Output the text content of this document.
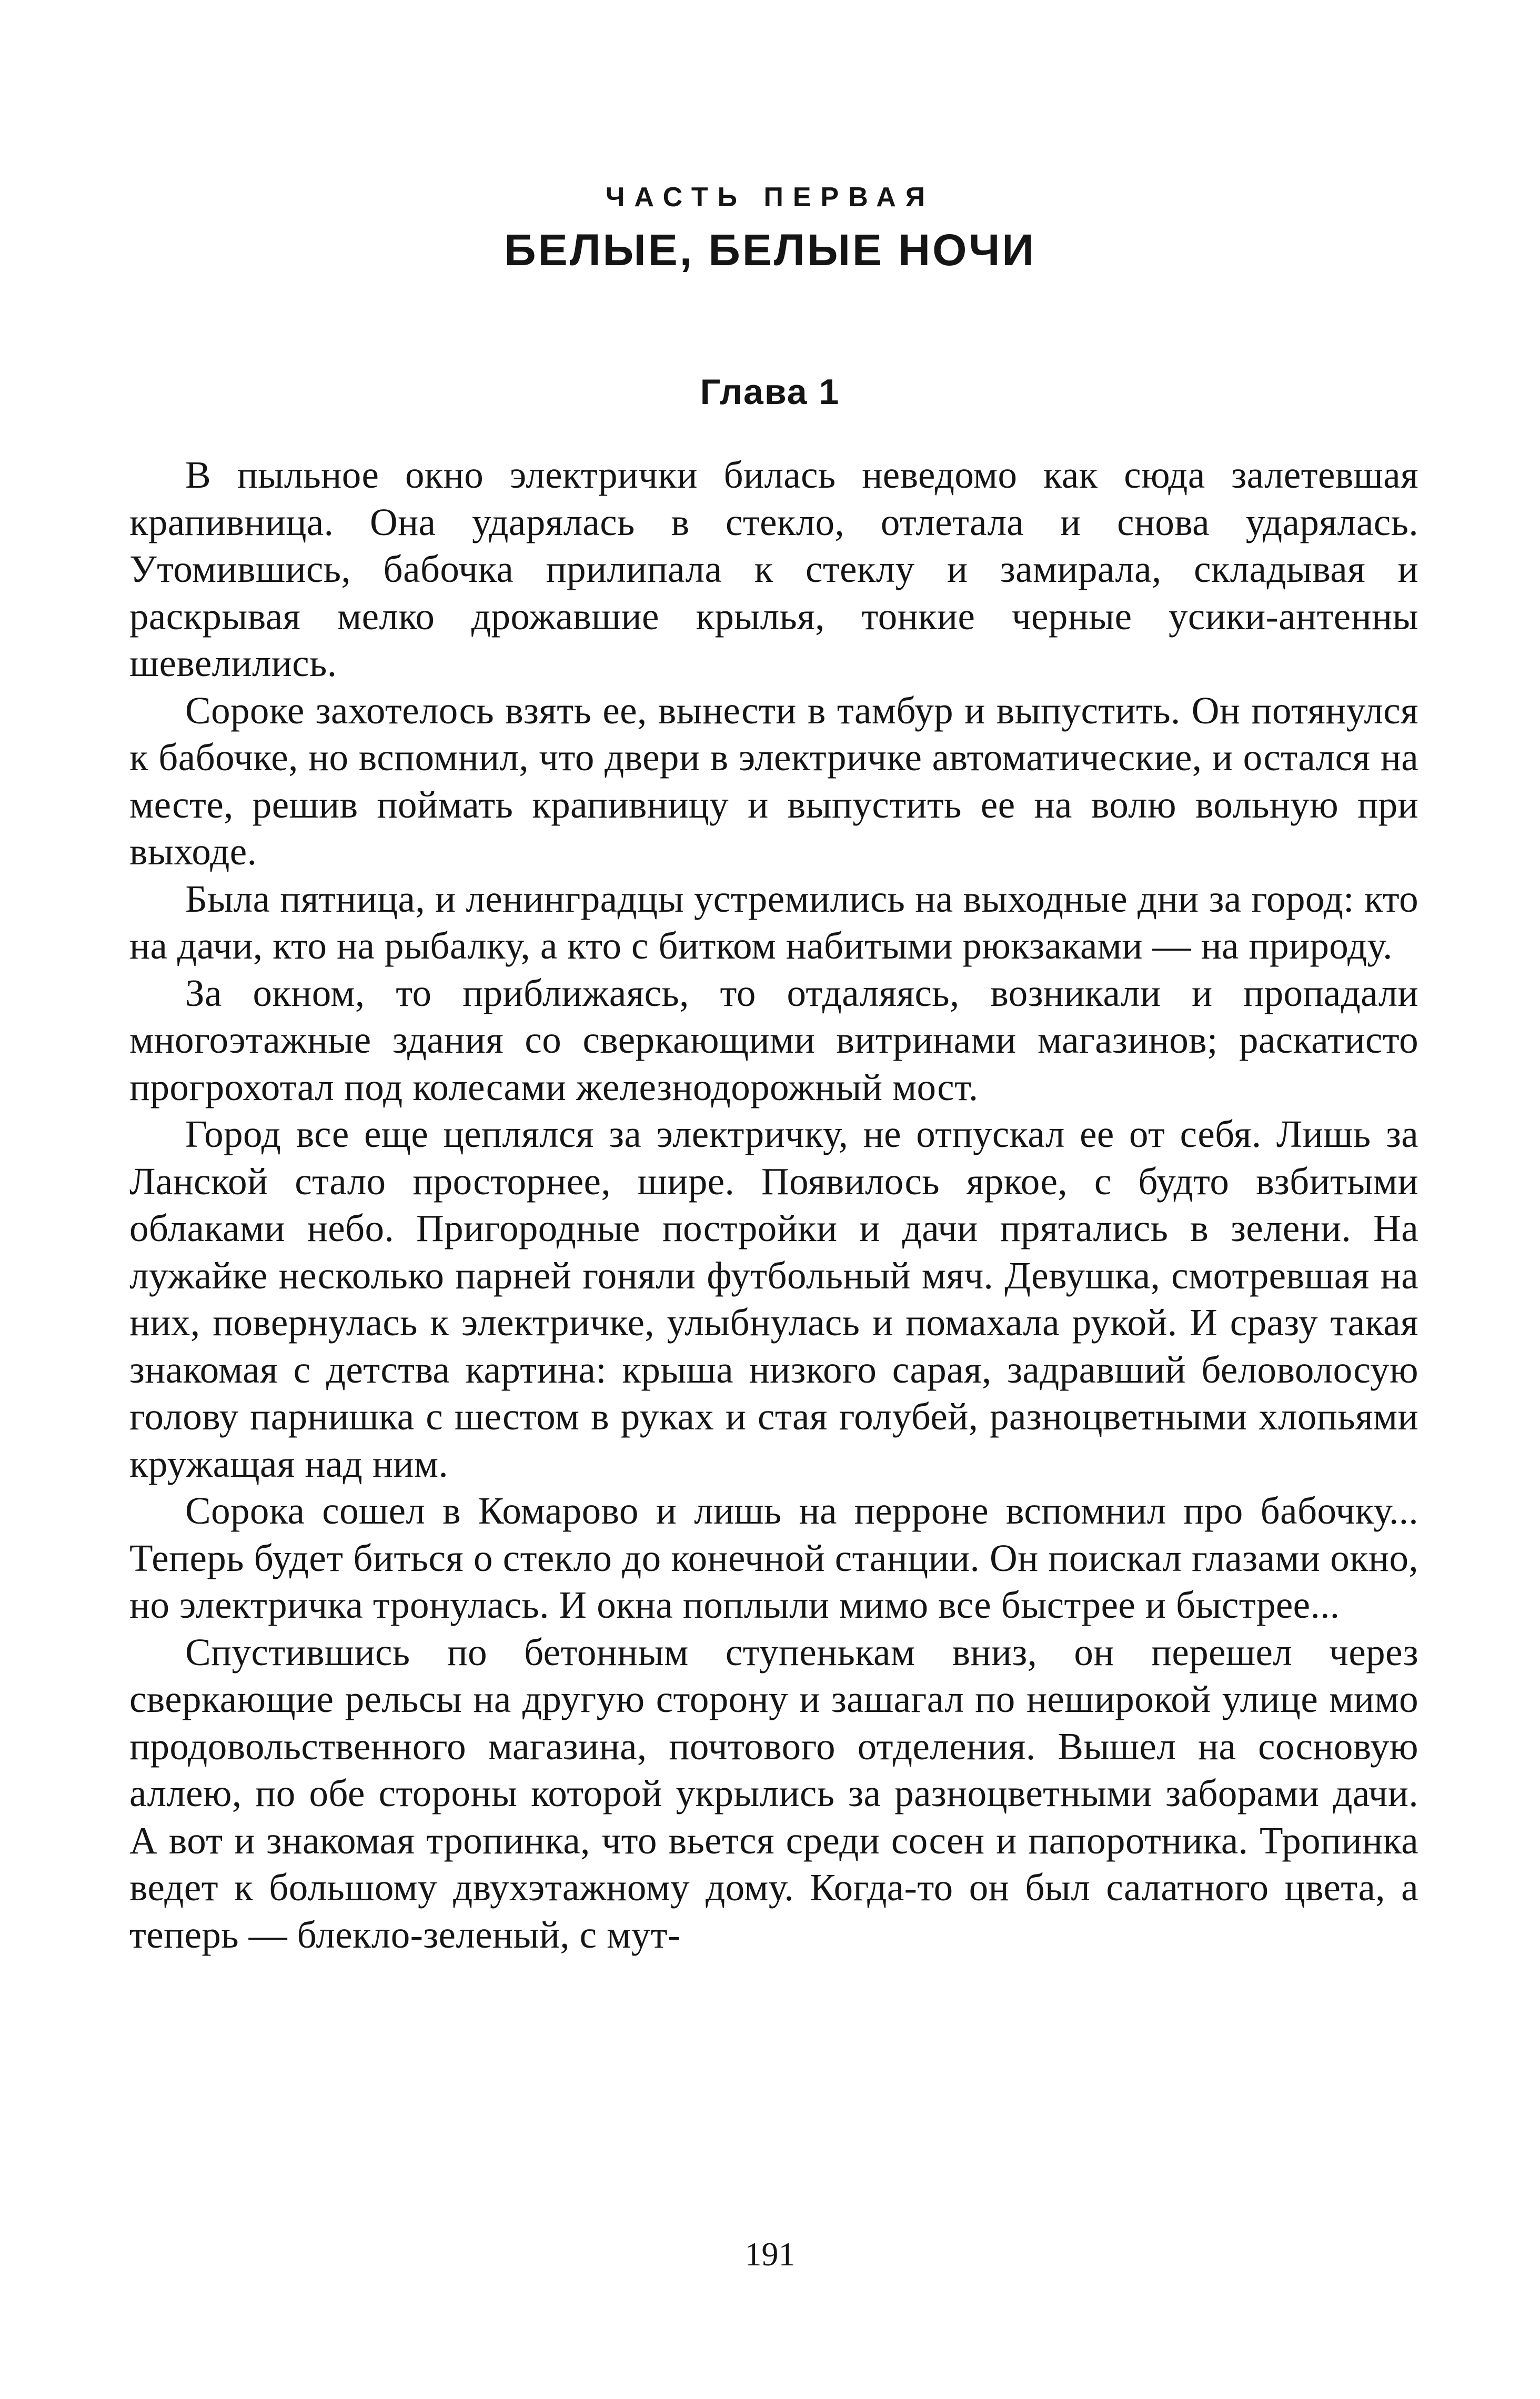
ЧАСТЬ ПЕРВАЯ
БЕЛЫЕ, БЕЛЫЕ НОЧИ
Глава 1

В пыльное окно электрички билась неведомо как сюда залетевшая крапивница. Она ударялась в стекло, отлетала и снова ударялась. Утомившись, бабочка прилипала к стеклу и замирала, складывая и раскрывая мелко дрожавшие крылья, тонкие черные усики-антенны шевелились.

Сороке захотелось взять ее, вынести в тамбур и выпустить. Он потянулся к бабочке, но вспомнил, что двери в электричке автоматические, и остался на месте, решив поймать крапивницу и выпустить ее на волю вольную при выходе.

Была пятница, и ленинградцы устремились на выходные дни за город: кто на дачи, кто на рыбалку, а кто с битком набитыми рюкзаками — на природу.

За окном, то приближаясь, то отдаляясь, возникали и пропадали многоэтажные здания со сверкающими витринами магазинов; раскатисто прогрохотал под колесами железнодорожный мост.

Город все еще цеплялся за электричку, не отпускал ее от себя. Лишь за Ланской стало просторнее, шире. Появилось яркое, с будто взбитыми облаками небо. Пригородные постройки и дачи прятались в зелени. На лужайке несколько парней гоняли футбольный мяч. Девушка, смотревшая на них, повернулась к электричке, улыбнулась и помахала рукой. И сразу такая знакомая с детства картина: крыша низкого сарая, задравший беловолосую голову парнишка с шестом в руках и стая голубей, разноцветными хлопьями кружащая над ним.

Сорока сошел в Комарово и лишь на перроне вспомнил про бабочку... Теперь будет биться о стекло до конечной станции. Он поискал глазами окно, но электричка тронулась. И окна поплыли мимо все быстрее и быстрее...

Спустившись по бетонным ступенькам вниз, он перешел через сверкающие рельсы на другую сторону и зашагал по неширокой улице мимо продовольственного магазина, почтового отделения. Вышел на сосновую аллею, по обе стороны которой укрылись за разноцветными заборами дачи. А вот и знакомая тропинка, что вьется среди сосен и папоротника. Тропинка ведет к большому двухэтажному дому. Когда-то он был салатного цвета, а теперь — блекло-зеленый, с мут-

191
